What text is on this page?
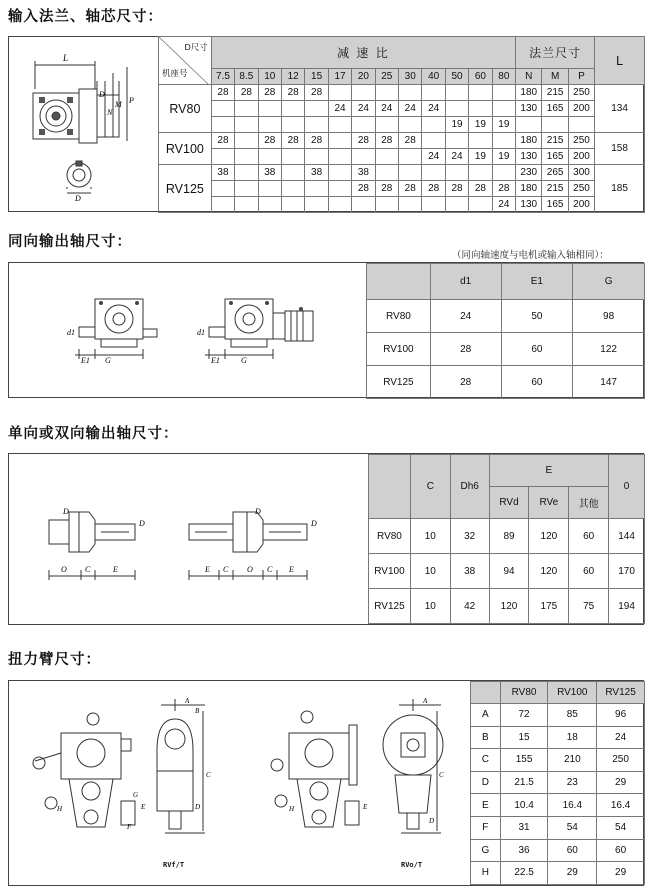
输入法兰、轴芯尺寸：
L
D
N
M P
D
D尺寸
机座号	减 速 比													法兰尺寸			L
	7.5	8.5	10	12	15	17	20	25	30	40	50	60	80	N	M	P	
RV80	28	28	28	28	28									180	215	250	134
						24	24	24	24	24				130	165	200	
											19	19	19				
RV100	28		28	28	28		28	28	28					180	215	250	158
										24	24	19	19	130	165	200	
RV125	38		38		38		38							230	265	300	185
							28	28	28	28	28	28	28	180	215	250	
													24	130	165	200	
同向输出轴尺寸：
（同向轴速度与电机或输入轴相同）：
d1
E1 G
d1
E1	G
	d1	E1	G
RV80	24	50	98
RV100	28	60	122
RV125	28	60	147
单向或双向输出轴尺寸：
D
D
O C	E	E C O C E
D
D
	C	Dh6	E			0
			RVd	RVe	其他	
RV80	10	32	89	120	60	144
RV100	10	38	94	120	60	170
RV125	10	42	120	175	75	194
扭力臂尺寸：
A
B
C
D
E
F
G
H
A
C
D
E
H
RVf/T	RVo/T
	RV80	RV100	RV125
A	72	85	96
B	15	18	24
C	155	210	250
D	21.5	23	29
E	10.4	16.4	16.4
F	31	54	54
G	36	60	60
H	22.5	29	29
